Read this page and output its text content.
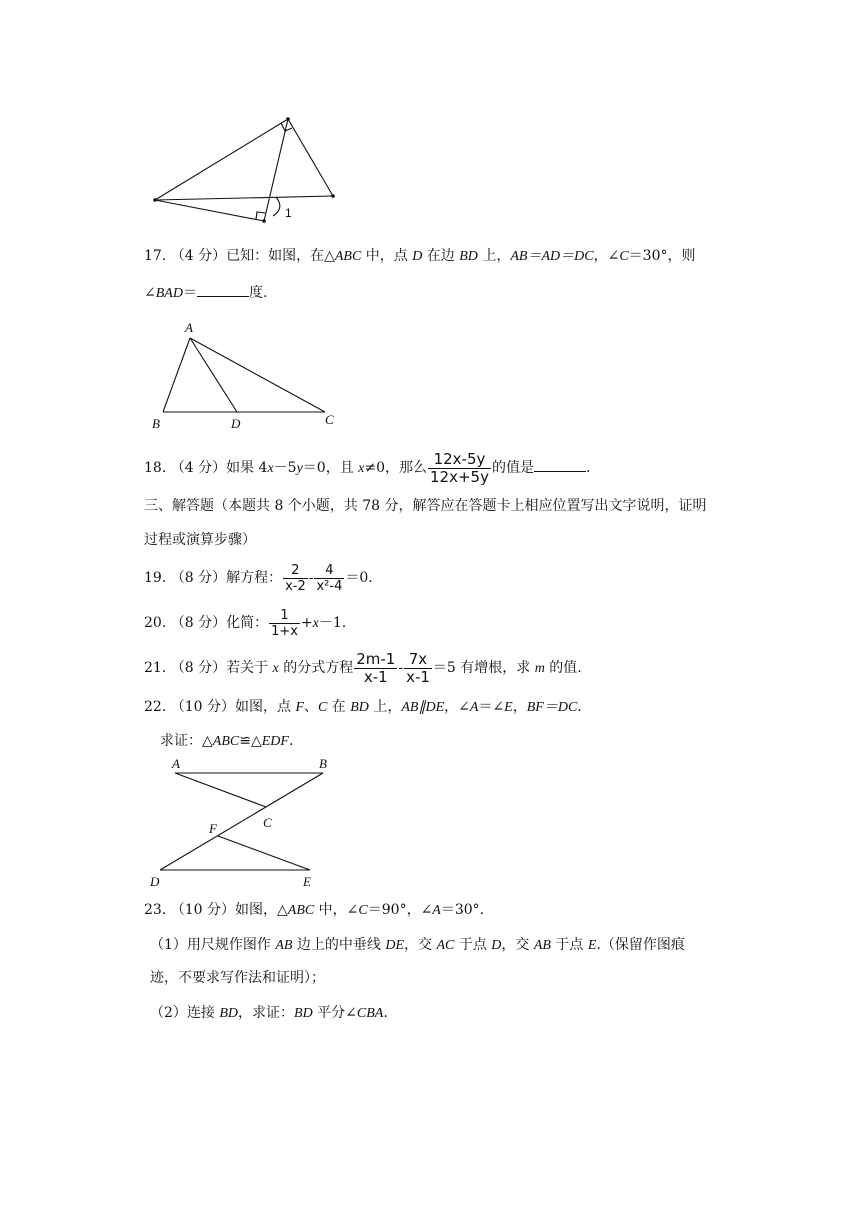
1
17. （4 分）已知：如图，在△ABC 中，点 D 在边 BD 上，AB＝AD＝DC，∠C＝30°，则
∠BAD＝	度.
A
B	D	C
18. （4 分）如果 4x－5y＝0，且 x≠0，那么 $\frac{12x-5y}{12x+5y}$ 的值是	.
三、解答题（本题共 8 个小题，共 78 分，解答应在答题卡上相应位置写出文字说明，证明
过程或演算步骤）
19. （8 分）解方程： $\frac{2}{x-2} - \frac{4}{\text{x²-4}} =0$.
20. （8 分）化简： $\frac{1}{1+x} +x-1$.
21. （8 分）若关于 x 的分式方程 $\frac{2m-1}{x-1} - \frac{7x}{x-1} =5$ 有增根，求 m 的值.
22. （10 分）如图，点 F、C 在 BD 上，AB∥DE，∠A＝∠E，BF＝DC.
求证：△ABC≌△EDF.
A	B
C
F
D	E
23. （10 分）如图，△ABC 中，∠C＝90°，∠A＝30°.
（1）用尺规作图作 AB 边上的中垂线 DE，交 AC 于点 D，交 AB 于点 E.（保留作图痕
迹，不要求写作法和证明）；
（2）连接 BD，求证：BD 平分∠CBA.
